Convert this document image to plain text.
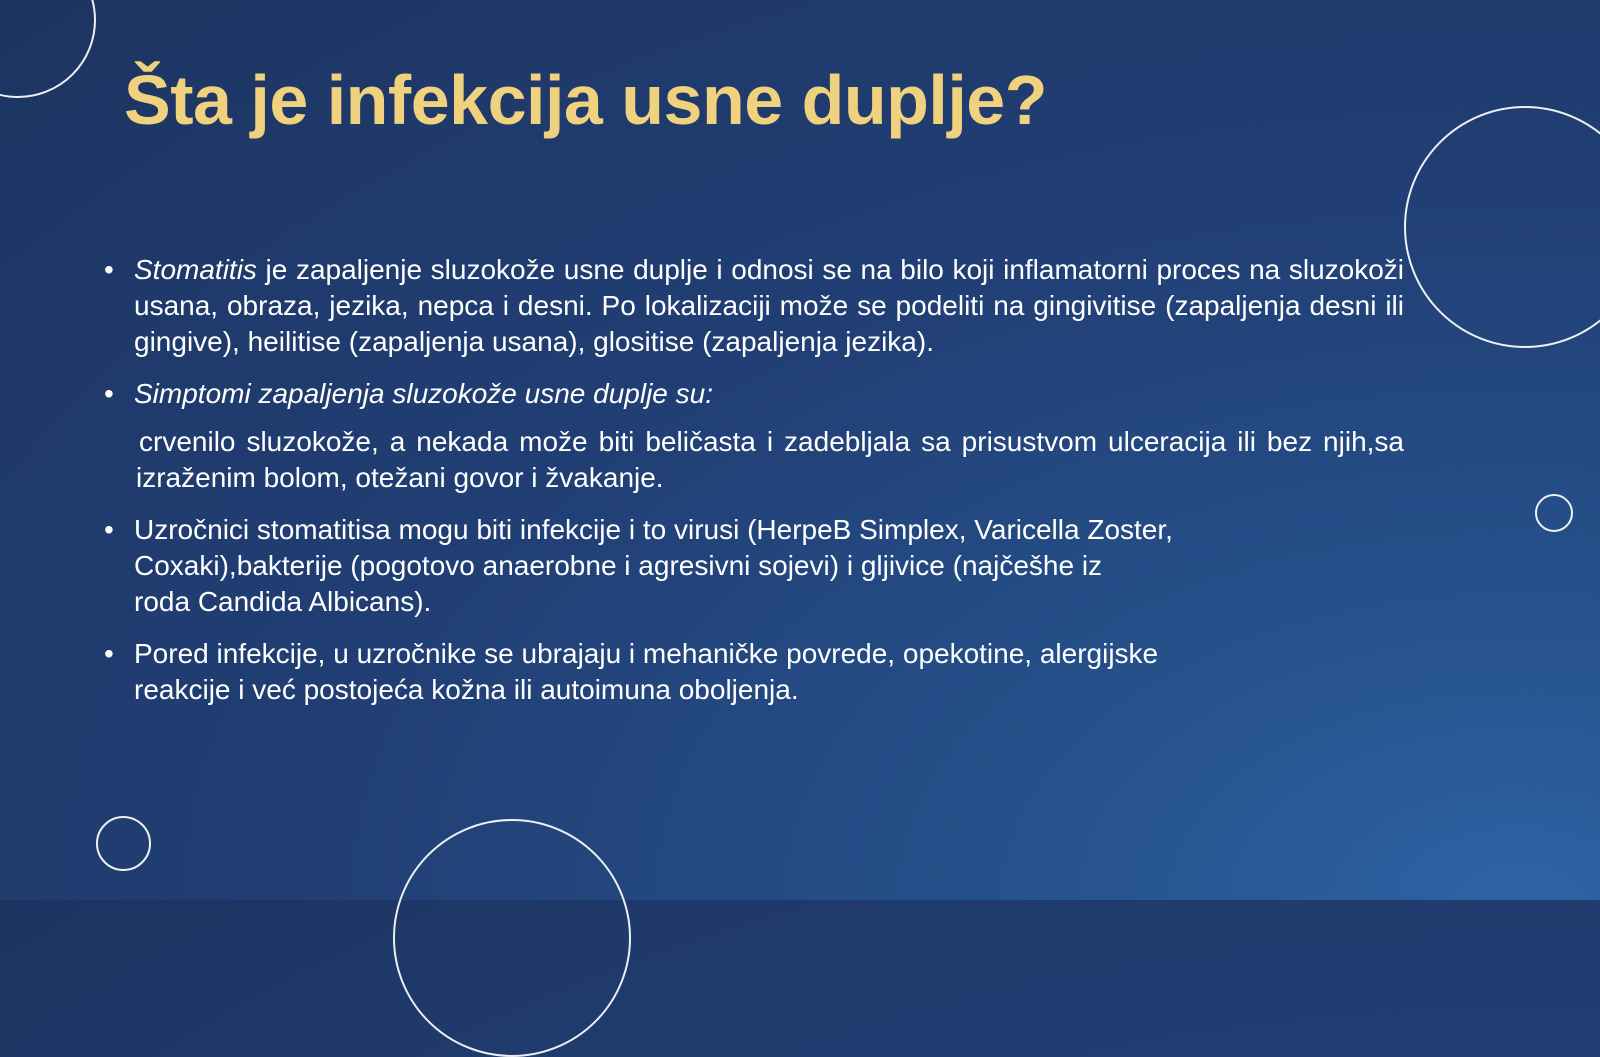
Šta je infekcija usne duplje?
• Stomatitis je zapaljenje sluzokože usne duplje i odnosi se na bilo koji inflamatorni proces na sluzokoži usana, obraza, jezika, nepca i desni. Po lokalizaciji može se podeliti na gingivitise (zapaljenja desni ili gingive), heilitise (zapaljenja usana), glositise (zapaljenja jezika).
• Simptomi zapaljenja sluzokože usne duplje su:
crvenilo sluzokože, a nekada može biti beličasta i zadebljala sa prisustvom ulceracija ili bez njih,sa izraženim bolom, otežani govor i žvakanje.
• Uzročnici stomatitisa mogu biti infekcije i to virusi (HerpeB Simplex, Varicella Zoster,
Coxaki),bakterije (pogotovo anaerobne i agresivni sojevi) i gljivice (najčešhe iz
roda Candida Albicans).
• Pored infekcije, u uzročnike se ubrajaju i mehaničke povrede, opekotine, alergijske
reakcije i već postojeća kožna ili autoimuna oboljenja.
